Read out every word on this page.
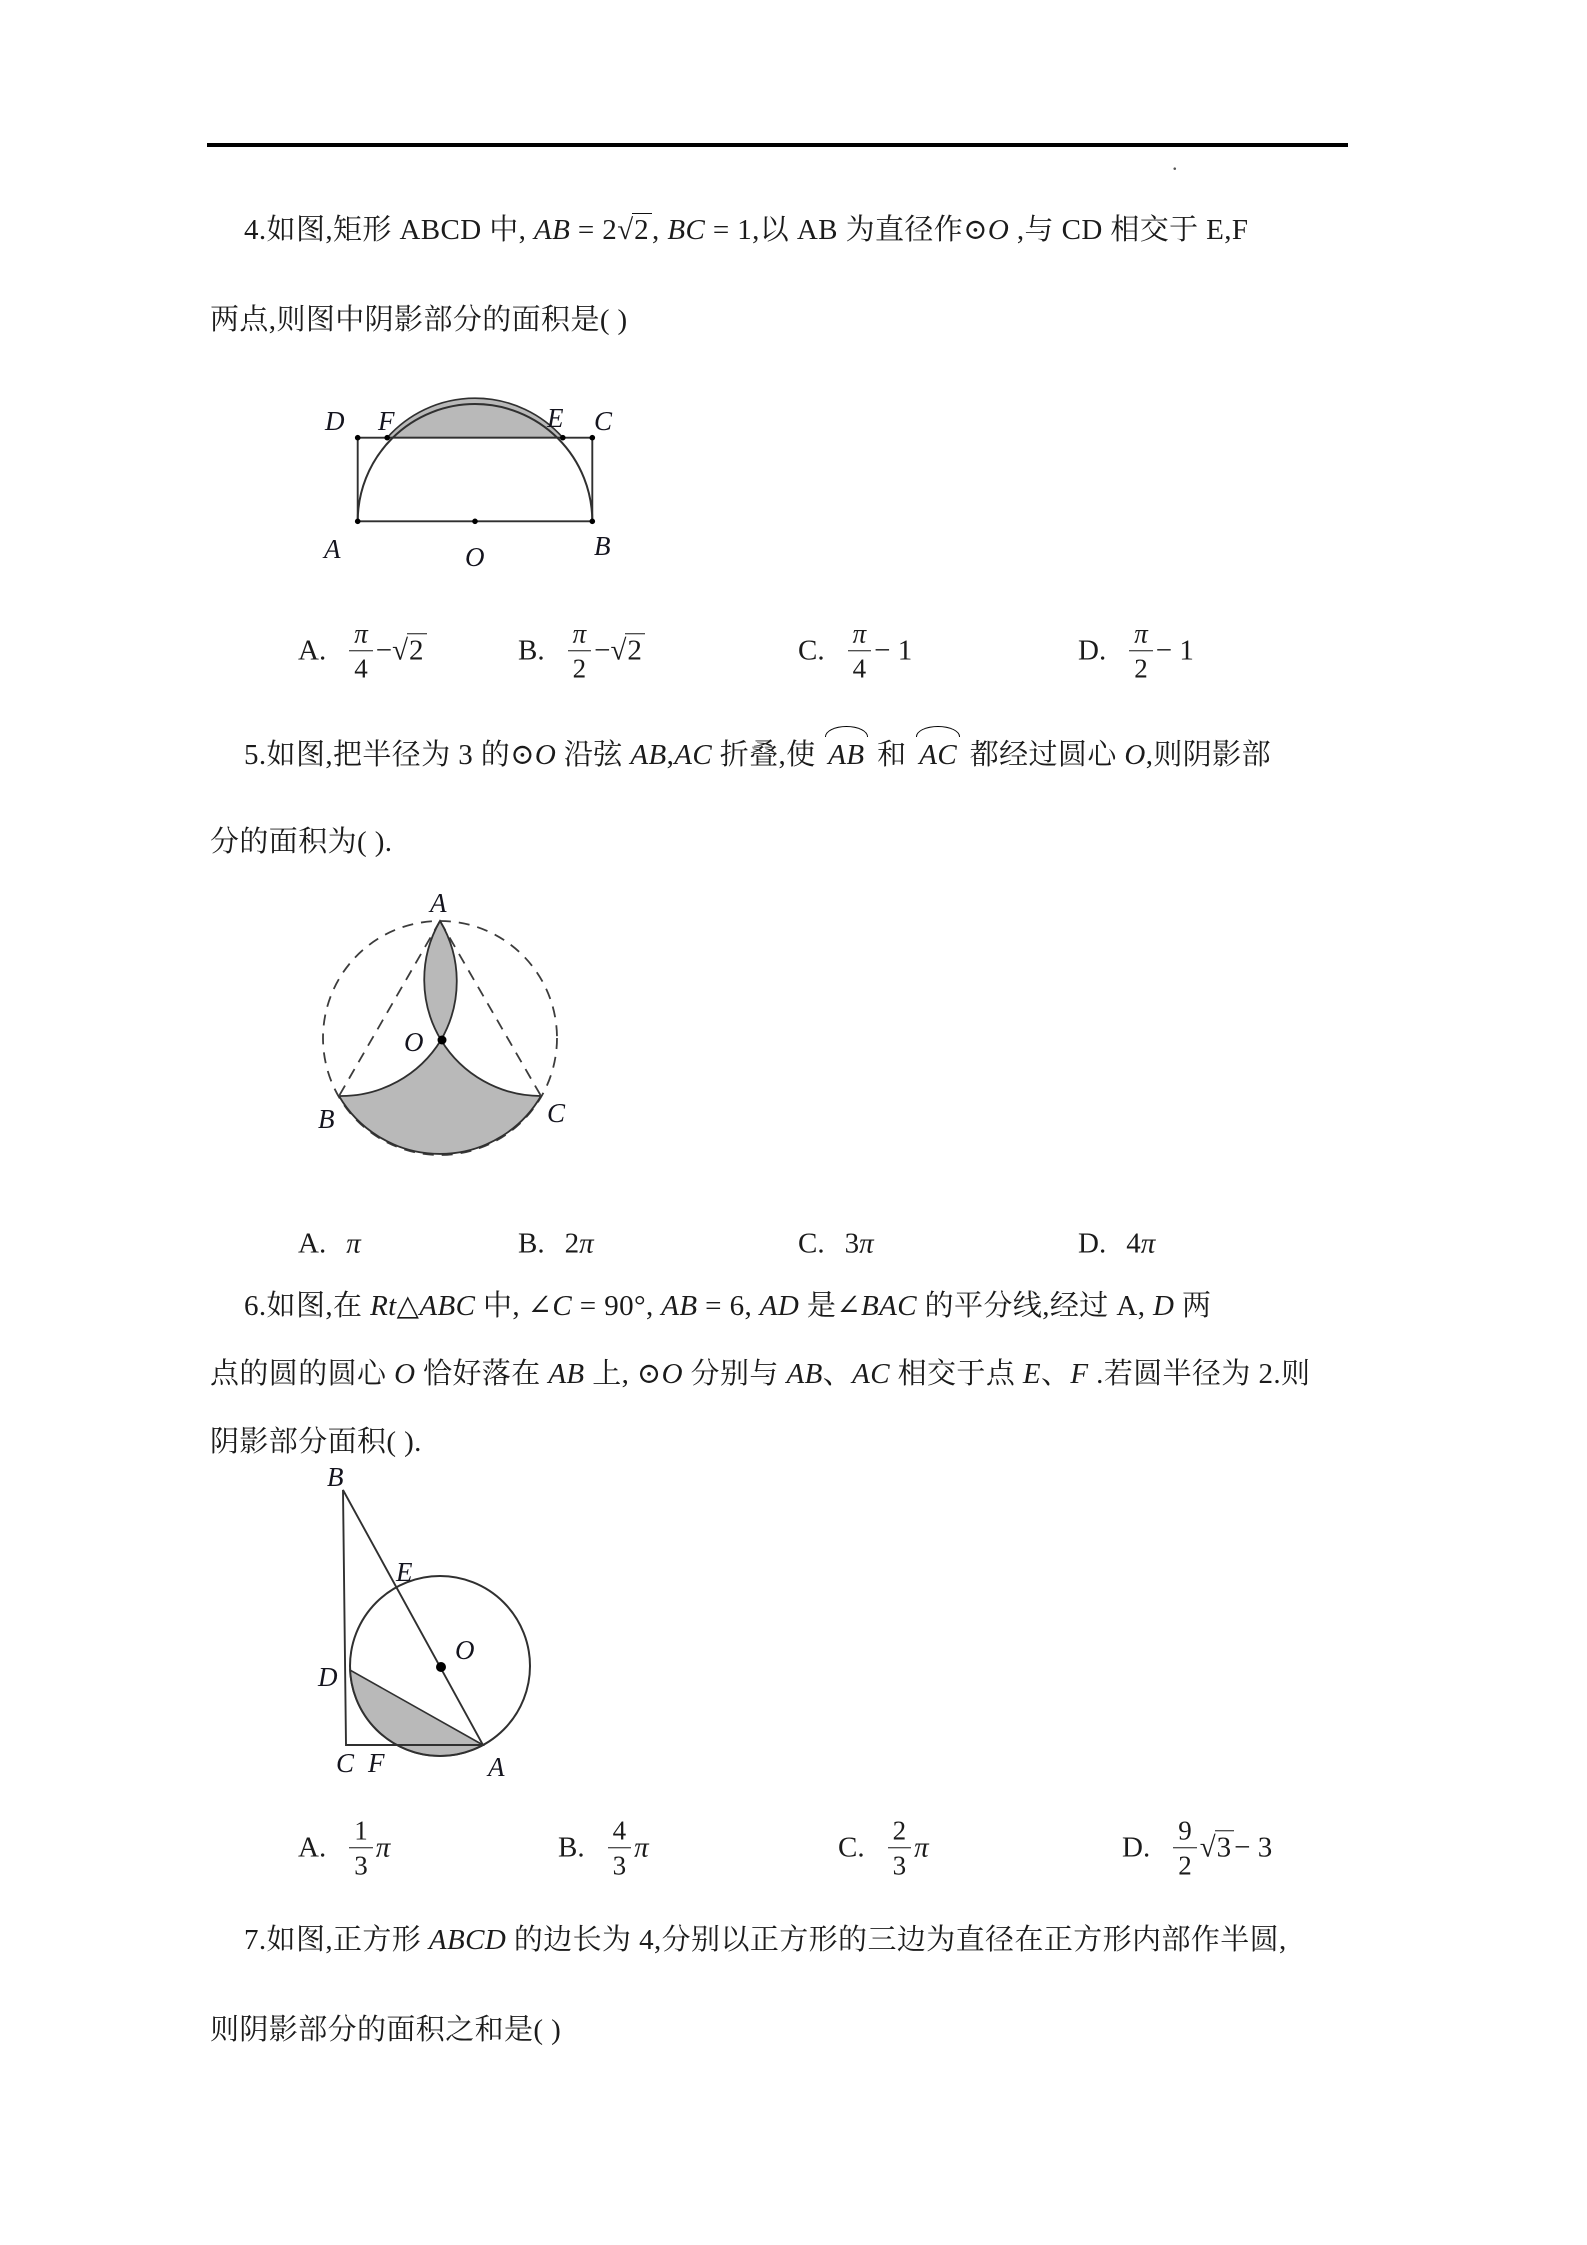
.
4.如图,矩形 ABCD 中, AB = 2√2 , BC = 1,以 AB 为直径作⊙O ,与 CD 相交于 E,F
两点,则图中阴影部分的面积是( )
D F	E C
A	O	B
A. $\frac{\pi}{4} - √2$	B. $\frac{\pi}{2} - √2$	C. $\frac{\pi}{4} - 1$	D. $\frac{\pi}{2} - 1$
5.如图,把半径为 3 的⊙O 沿弦 AB,AC 折叠,使 AB 和 AC 都经过圆心 O,则阴影部
分的面积为( ).
A
O
B	C
A. π	B. 2 π	C. 3 π	D. 4 π
6.如图,在 Rt△ABC 中, ∠C = 90°, AB = 6, AD 是∠BAC 的平分线,经过 A, D 两
点的圆的圆心 O 恰好落在 AB 上, ⊙O 分别与 AB、AC 相交于点 E、F .若圆半径为 2.则
阴影部分面积( ).
B
E
O
D
C F	A
A. $\frac{1}{3}$ π	B. $\frac{4}{3}$ π	C. $\frac{2}{3}$ π	D. $\frac{9}{2} √3 - 3$
7.如图,正方形 ABCD 的边长为 4,分别以正方形的三边为直径在正方形内部作半圆,
则阴影部分的面积之和是( )
